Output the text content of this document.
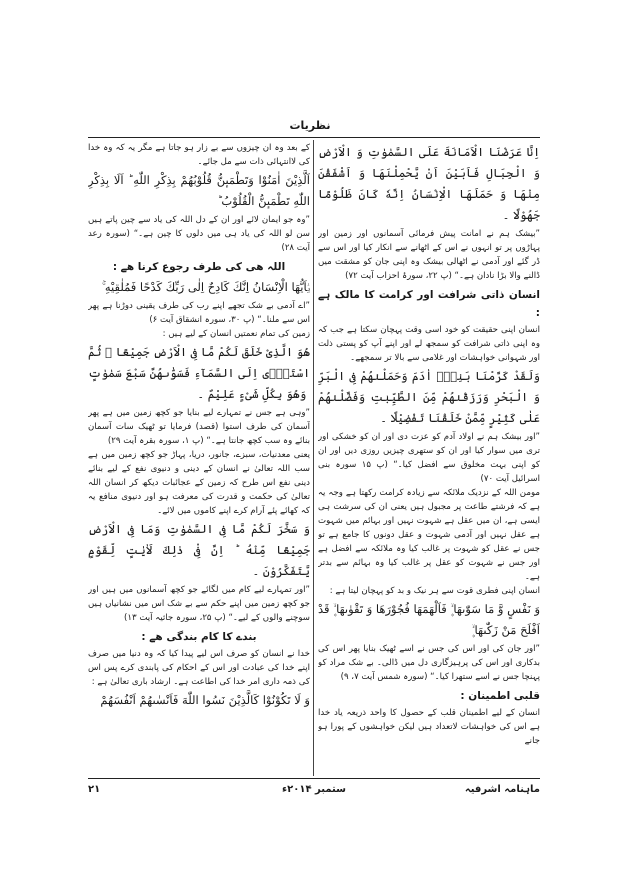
نظریات

اِنَّا عَرَضْنَا الْاَمَانَةَ عَلَى السَّمٰوٰتِ وَ الْاَرْضِ وَ الْجِبَالِ فَاَبَیْنَ اَنْ یَّحْمِلْنَهَا وَ اَشْفَقْنَ مِنْهَا وَ حَمَلَهَا الْاِنْسَانُ اِنَّهٗ كَانَ ظَلُوْمًا جَهُوْلًا ۔

”بیشک ہم نے امانت پیش فرمائی آسمانوں اور زمین اور پہاڑوں پر تو انہوں نے اس کے اٹھانے سے انکار کیا اور اس سے ڈر گئے اور آدمی نے اٹھالی بیشک وہ اپنی جان کو مشقت میں ڈالنے والا بڑا نادان ہے۔“ (پ ۲۲، سورۂ احزاب آیت ۷۲)

انسان ذاتی شرافت اور کرامت کا مالک ہے :

انسان اپنی حقیقت کو خود اسی وقت پہچان سکتا ہے جب کہ وہ اپنی ذاتی شرافت کو سمجھ لے اور اپنے آپ کو پستی ذلت اور شہوانی خواہشات اور غلامی سے بالا تر سمجھے۔

وَلَقَدْ كَرَّمْنَا بَنِیْۤ اٰدَمَ وَحَمَلْنٰهُمْ فِی الْبَرِّ وَ الْبَحْرِ وَرَزَقْنٰهُمْ مِّنَ الطَّیِّبٰتِ وَفَضَّلْنٰهُمْ عَلٰى كَثِیْرٍ مِّمَّنْ خَلَقْنَا تَفْضِیْلًا ۔

”اور بیشک ہم نے اولاد آدم کو عزت دی اور ان کو خشکی اور تری میں سوار کیا اور ان کو ستھری چیزیں روزی دیں اور ان کو اپنی بہت مخلوق سے افضل کیا۔“ (پ ۱۵ سورہ بنی اسرائیل آیت ۷۰)

مومن اللہ کے نزدیک ملائکہ سے زیادہ کرامت رکھتا ہے وجہ یہ ہے کہ فرشتے طاعت پر مجبول ہیں یعنی ان کی سرشت ہی ایسی ہے، ان میں عقل ہے شہوت نہیں اور بہائم میں شہوت ہے عقل نہیں اور آدمی شہوت و عقل دونوں کا جامع ہے تو جس نے عقل کو شہوت پر غالب کیا وہ ملائکہ سے افضل ہے اور جس نے شہوت کو عقل پر غالب کیا وہ بہائم سے بدتر ہے۔

انسان اپنی فطری قوت سے ہر نیک و بد کو پہچان لیتا ہے :

وَ نَفْسٍ وَّ مَا سَوّٰىهَا ۪ۙ فَاَلْهَمَهَا فُجُوْرَهَا وَ تَقْوٰىهَا ۪ۙ قَدْ اَفْلَحَ مَنْ زَكّٰىهَا ۪ۙ

”اور جان کی اور اس کی جس نے اسے ٹھیک بنایا پھر اس کی بدکاری اور اس کی پرہیزگاری دل میں ڈالی۔ بے شک مراد کو پہنچا جس نے اسے ستھرا کیا۔“ (سورہ شمس آیت ۷، ۹)

قلبی اطمینان :

انسان کے لیے اطمینان قلب کے حصول کا واحد ذریعہ یاد خدا ہے اس کی خواہشات لاتعداد ہیں لیکن خواہشوں کے پورا ہو جانے

کے بعد وہ ان چیزوں سے بے زار ہو جاتا ہے مگر یہ کہ وہ خدا کی لاانتہائی ذات سے مل جائے۔

اَلَّذِیْنَ اٰمَنُوْا وَتَطْمَىٕنُّ قُلُوْبُهُمْ بِذِكْرِ اللّٰهِ ؕ اَلَا بِذِكْرِ اللّٰهِ تَطْمَىٕنُّ الْقُلُوْبُ ؕ

”وہ جو ایمان لائے اور ان کے دل اللہ کی یاد سے چین پاتے ہیں سن لو اللہ کی یاد ہی میں دلوں کا چین ہے۔“ (سورہ رعد آیت ۲۸)

اللہ ھی کی طرف رجوع کرنا ھے :

یٰۤاَیُّهَا الْاِنْسَانُ اِنَّكَ كَادِحٌ اِلٰى رَبِّكَ كَدْحًا فَمُلٰقِیْهِ ۚ

”اے آدمی بے شک تجھے اپنے رب کی طرف یقینی دوڑنا ہے پھر اس سے ملنا۔“ (پ ۳۰، سورہ انشقاق آیت ۶)

زمین کی تمام نعمتیں انسان کے لیے ہیں :

هُوَ الَّذِیْ خَلَقَ لَكُمْ مَّا فِی الْاَرْضِ جَمِیْعًا ۗ ثُمَّ اسْتَوٰۤى اِلَى السَّمَآءِ فَسَوّٰىهُنَّ سَبْعَ سَمٰوٰتٍ ؕ وَهُوَ بِكُلِّ شَیْءٍ عَلِیْمٌ ۔

”وہی ہے جس نے تمہارے لیے بنایا جو کچھ زمین میں ہے پھر آسمان کی طرف استوا (قصد) فرمایا تو ٹھیک سات آسمان بنائے وہ سب کچھ جانتا ہے۔“ (پ ۱، سورہ بقرہ آیت ۲۹)

یعنی معدنیات، سبزے، جانور، دریا، پہاڑ جو کچھ زمین میں ہے سب اللہ تعالیٰ نے انسان کے دینی و دنیوی نفع کے لیے بنائے دینی نفع اس طرح کہ زمین کے عجائبات دیکھ کر انسان اللہ تعالیٰ کی حکمت و قدرت کی معرفت ہو اور دنیوی منافع یہ کہ کھائے پئے آرام کرے اپنے کاموں میں لائے۔

وَ سَخَّرَ لَكُمْ مَّا فِی السَّمٰوٰتِ وَمَا فِی الْاَرْضِ جَمِیْعًا مِّنْهُ ؕ اِنَّ فِیْ ذٰلِكَ لَاٰیٰتٍ لِّقَوْمٍ یَّتَفَكَّرُوْنَ ۔

”اور تمہارے لیے کام میں لگائے جو کچھ آسمانوں میں ہیں اور جو کچھ زمین میں اپنے حکم سے بے شک اس میں نشانیاں ہیں سوچنے والوں کے لیے۔“ (پ ۲۵، سورہ جاثیہ آیت ۱۳)

بندے کا کام بندگی ھے :

خدا نے انسان کو صرف اس لیے پیدا کیا کہ وہ دنیا میں صرف اپنے خدا کی عبادت اور اس کے احکام کی پابندی کرے پس اس کی ذمہ داری امر خدا کی اطاعت ہے۔ ارشاد باری تعالیٰ ہے :

وَ لَا تَكُوْنُوْا كَالَّذِیْنَ نَسُوا اللّٰهَ فَاَنْسٰىهُمْ اَنْفُسَهُمْ

ماہنامہ اشرفیہ
ستمبر ۲۰۱۴ء
۲۱
